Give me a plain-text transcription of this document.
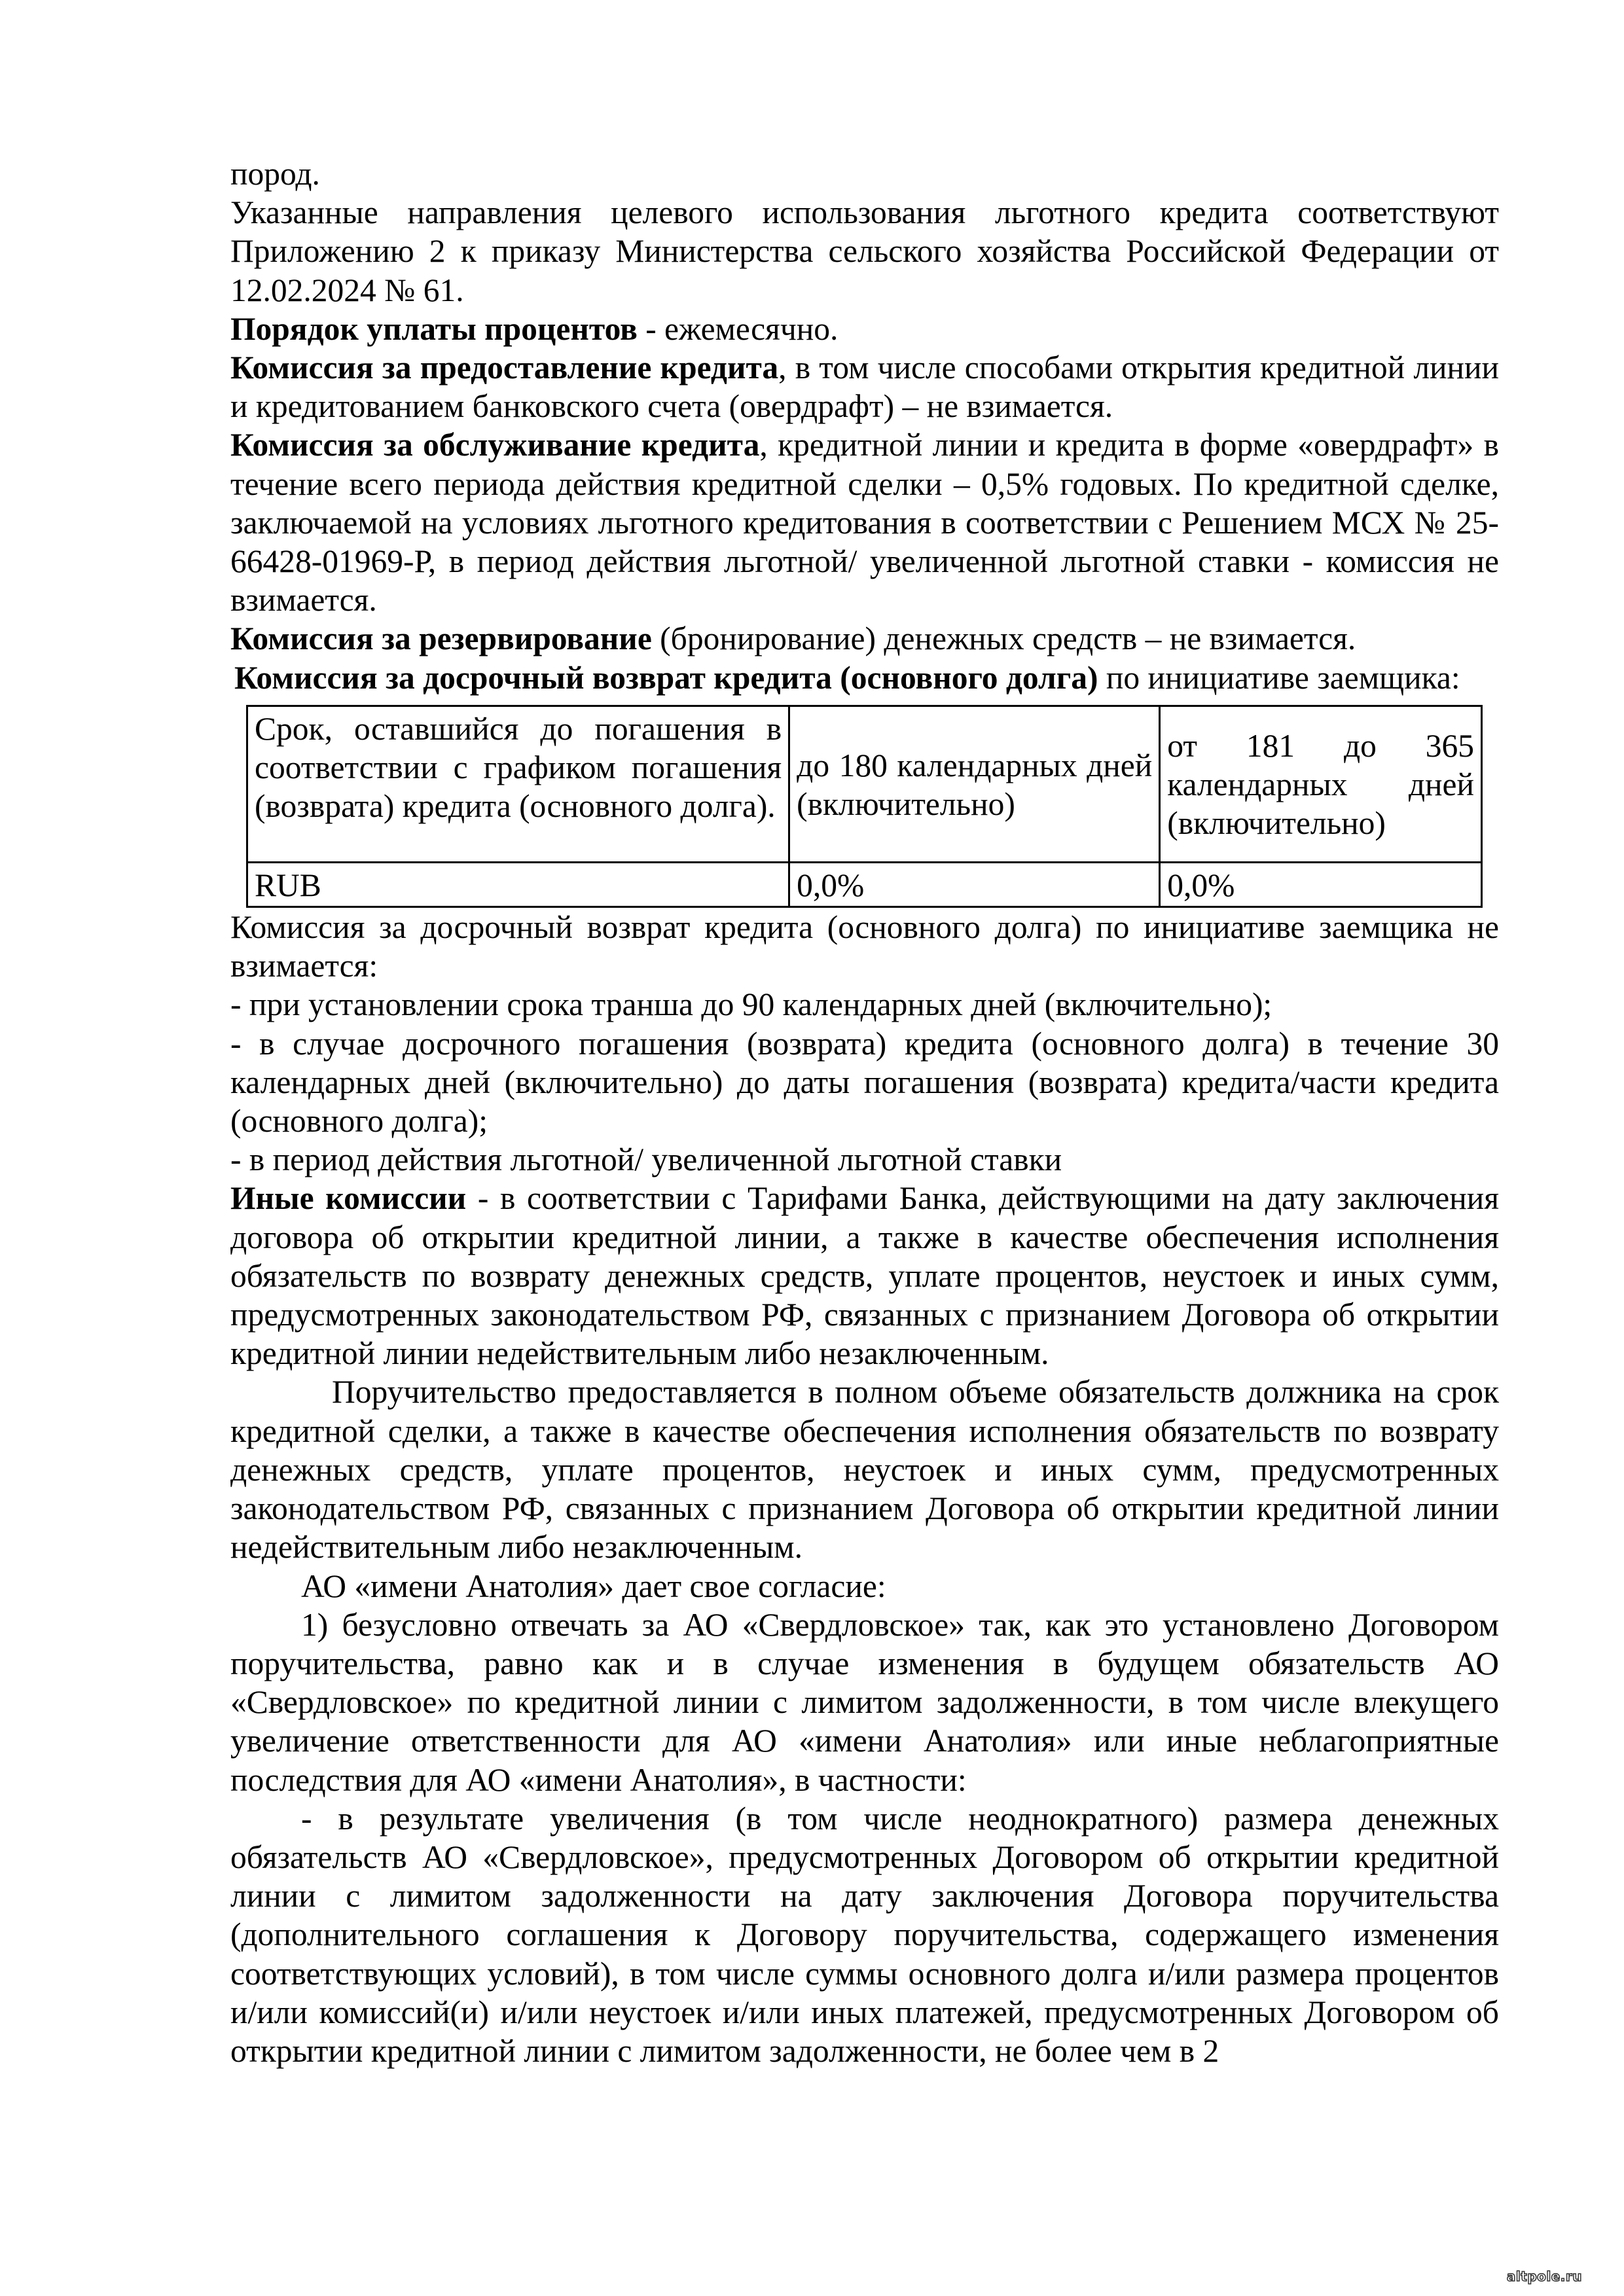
пород.

Указанные направления целевого использования льготного кредита соответствуют Приложению 2 к приказу Министерства сельского хозяйства Российской Федерации от 12.02.2024 № 61.

Порядок уплаты процентов - ежемесячно.

Комиссия за предоставление кредита, в том числе способами открытия кредитной линии и кредитованием банковского счета (овердрафт) – не взимается.

Комиссия за обслуживание кредита, кредитной линии и кредита в форме «овердрафт» в течение всего периода действия кредитной сделки – 0,5% годовых. По кредитной сделке, заключаемой на условиях льготного кредитования в соответствии с Решением МСХ № 25-66428-01969-Р, в период действия льготной/ увеличенной льготной ставки - комиссия не взимается.

Комиссия за резервирование (бронирование) денежных средств – не взимается.

Комиссия за досрочный возврат кредита (основного долга) по инициативе заемщика:

Срок, оставшийся до погашения в соответствии с графиком погашения (возврата) кредита (основного долга).	до 180 календарных дней (включительно)	от 181 до 365 календарных дней (включительно)
RUB	0,0%	0,0%

Комиссия за досрочный возврат кредита (основного долга) по инициативе заемщика не взимается:

- при установлении срока транша до 90 календарных дней (включительно);

- в случае досрочного погашения (возврата) кредита (основного долга) в течение 30 календарных дней (включительно) до даты погашения (возврата) кредита/части кредита (основного долга);

- в период действия льготной/ увеличенной льготной ставки

Иные комиссии - в соответствии с Тарифами Банка, действующими на дату заключения договора об открытии кредитной линии, а также в качестве обеспечения исполнения обязательств по возврату денежных средств, уплате процентов, неустоек и иных сумм, предусмотренных законодательством РФ, связанных с признанием Договора об открытии кредитной линии недействительным либо незаключенным.

Поручительство предоставляется в полном объеме обязательств должника на срок кредитной сделки, а также в качестве обеспечения исполнения обязательств по возврату денежных средств, уплате процентов, неустоек и иных сумм, предусмотренных законодательством РФ, связанных с признанием Договора об открытии кредитной линии недействительным либо незаключенным.

АО «имени Анатолия» дает свое согласие:

1) безусловно отвечать за АО «Свердловское» так, как это установлено Договором поручительства, равно как и в случае изменения в будущем обязательств АО «Свердловское» по кредитной линии с лимитом задолженности, в том числе влекущего увеличение ответственности для АО «имени Анатолия» или иные неблагоприятные последствия для АО «имени Анатолия», в частности:

- в результате увеличения (в том числе неоднократного) размера денежных обязательств АО «Свердловское», предусмотренных Договором об открытии кредитной линии с лимитом задолженности на дату заключения Договора поручительства (дополнительного соглашения к Договору поручительства, содержащего изменения соответствующих условий), в том числе суммы основного долга и/или размера процентов и/или комиссий(и) и/или неустоек и/или иных платежей, предусмотренных Договором об открытии кредитной линии с лимитом задолженности, не более чем в 2

altpole.ru
